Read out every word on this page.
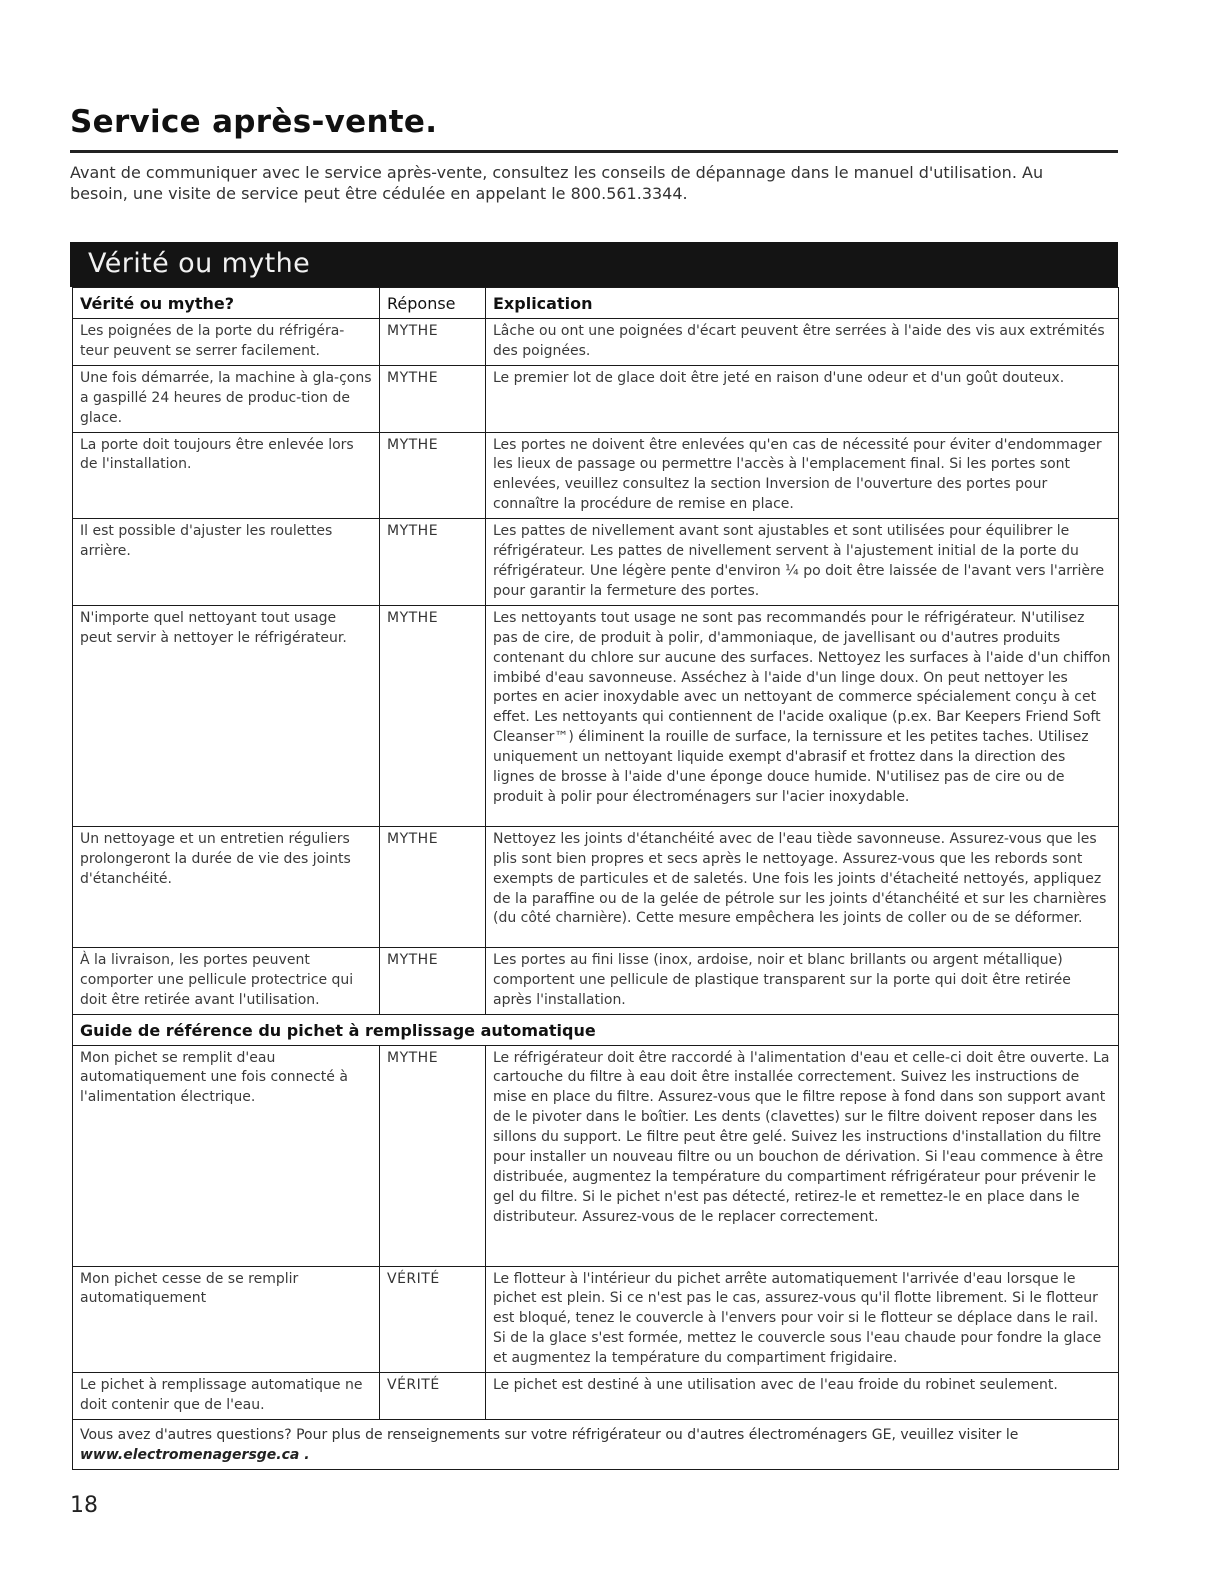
Service après-vente.

Avant de communiquer avec le service après-vente, consultez les conseils de dépannage dans le manuel d'utilisation. Au besoin, une visite de service peut être cédulée en appelant le 800.561.3344.

Vérité ou mythe
Vérité ou mythe?	Réponse	Explication
Les poignées de la porte du réfrigéra-teur peuvent se serrer facilement.	MYTHE	Lâche ou ont une poignées d'écart peuvent être serrées à l'aide des vis aux extrémités des poignées.
Une fois démarrée, la machine à gla-çons a gaspillé 24 heures de produc-tion de glace.	MYTHE	Le premier lot de glace doit être jeté en raison d'une odeur et d'un goût douteux.
La porte doit toujours être enlevée lors de l'installation.	MYTHE	Les portes ne doivent être enlevées qu'en cas de nécessité pour éviter d'endommager les lieux de passage ou permettre l'accès à l'emplacement final. Si les portes sont enlevées, veuillez consultez la section Inversion de l'ouverture des portes pour connaître la procédure de remise en place.
Il est possible d'ajuster les roulettes arrière.	MYTHE	Les pattes de nivellement avant sont ajustables et sont utilisées pour équilibrer le réfrigérateur. Les pattes de nivellement servent à l'ajustement initial de la porte du réfrigérateur. Une légère pente d'environ ¼ po doit être laissée de l'avant vers l'arrière pour garantir la fermeture des portes.
N'importe quel nettoyant tout usage peut servir à nettoyer le réfrigérateur.	MYTHE	Les nettoyants tout usage ne sont pas recommandés pour le réfrigérateur. N'utilisez pas de cire, de produit à polir, d'ammoniaque, de javellisant ou d'autres produits contenant du chlore sur aucune des surfaces. Nettoyez les surfaces à l'aide d'un chiffon imbibé d'eau savonneuse. Asséchez à l'aide d'un linge doux. On peut nettoyer les portes en acier inoxydable avec un nettoyant de commerce spécialement conçu à cet effet. Les nettoyants qui contiennent de l'acide oxalique (p.ex. Bar Keepers Friend Soft Cleanser™) éliminent la rouille de surface, la ternissure et les petites taches. Utilisez uniquement un nettoyant liquide exempt d'abrasif et frottez dans la direction des lignes de brosse à l'aide d'une éponge douce humide. N'utilisez pas de cire ou de produit à polir pour électroménagers sur l'acier inoxydable.
Un nettoyage et un entretien réguliers prolongeront la durée de vie des joints d'étanchéité.	MYTHE	Nettoyez les joints d'étanchéité avec de l'eau tiède savonneuse. Assurez-vous que les plis sont bien propres et secs après le nettoyage. Assurez-vous que les rebords sont exempts de particules et de saletés. Une fois les joints d'étacheité nettoyés, appliquez de la paraffine ou de la gelée de pétrole sur les joints d'étanchéité et sur les charnières (du côté charnière). Cette mesure empêchera les joints de coller ou de se déformer.
À la livraison, les portes peuvent comporter une pellicule protectrice qui doit être retirée avant l'utilisation.	MYTHE	Les portes au fini lisse (inox, ardoise, noir et blanc brillants ou argent métallique) comportent une pellicule de plastique transparent sur la porte qui doit être retirée après l'installation.
Guide de référence du pichet à remplissage automatique		
Mon pichet se remplit d'eau automatiquement une fois connecté à l'alimentation électrique.	MYTHE	Le réfrigérateur doit être raccordé à l'alimentation d'eau et celle-ci doit être ouverte. La cartouche du filtre à eau doit être installée correctement. Suivez les instructions de mise en place du filtre. Assurez-vous que le filtre repose à fond dans son support avant de le pivoter dans le boîtier. Les dents (clavettes) sur le filtre doivent reposer dans les sillons du support. Le filtre peut être gelé. Suivez les instructions d'installation du filtre pour installer un nouveau filtre ou un bouchon de dérivation. Si l'eau commence à être distribuée, augmentez la température du compartiment réfrigérateur pour prévenir le gel du filtre. Si le pichet n'est pas détecté, retirez-le et remettez-le en place dans le distributeur. Assurez-vous de le replacer correctement.
Mon pichet cesse de se remplir automatiquement	VÉRITÉ	Le flotteur à l'intérieur du pichet arrête automatiquement l'arrivée d'eau lorsque le pichet est plein. Si ce n'est pas le cas, assurez-vous qu'il flotte librement. Si le flotteur est bloqué, tenez le couvercle à l'envers pour voir si le flotteur se déplace dans le rail. Si de la glace s'est formée, mettez le couvercle sous l'eau chaude pour fondre la glace et augmentez la température du compartiment frigidaire.
Le pichet à remplissage automatique ne doit contenir que de l'eau.	VÉRITÉ	Le pichet est destiné à une utilisation avec de l'eau froide du robinet seulement.
Vous avez d'autres questions? Pour plus de renseignements sur votre réfrigérateur ou d'autres électroménagers GE, veuillez visiter le
www.electromenagersge.ca .		
18
